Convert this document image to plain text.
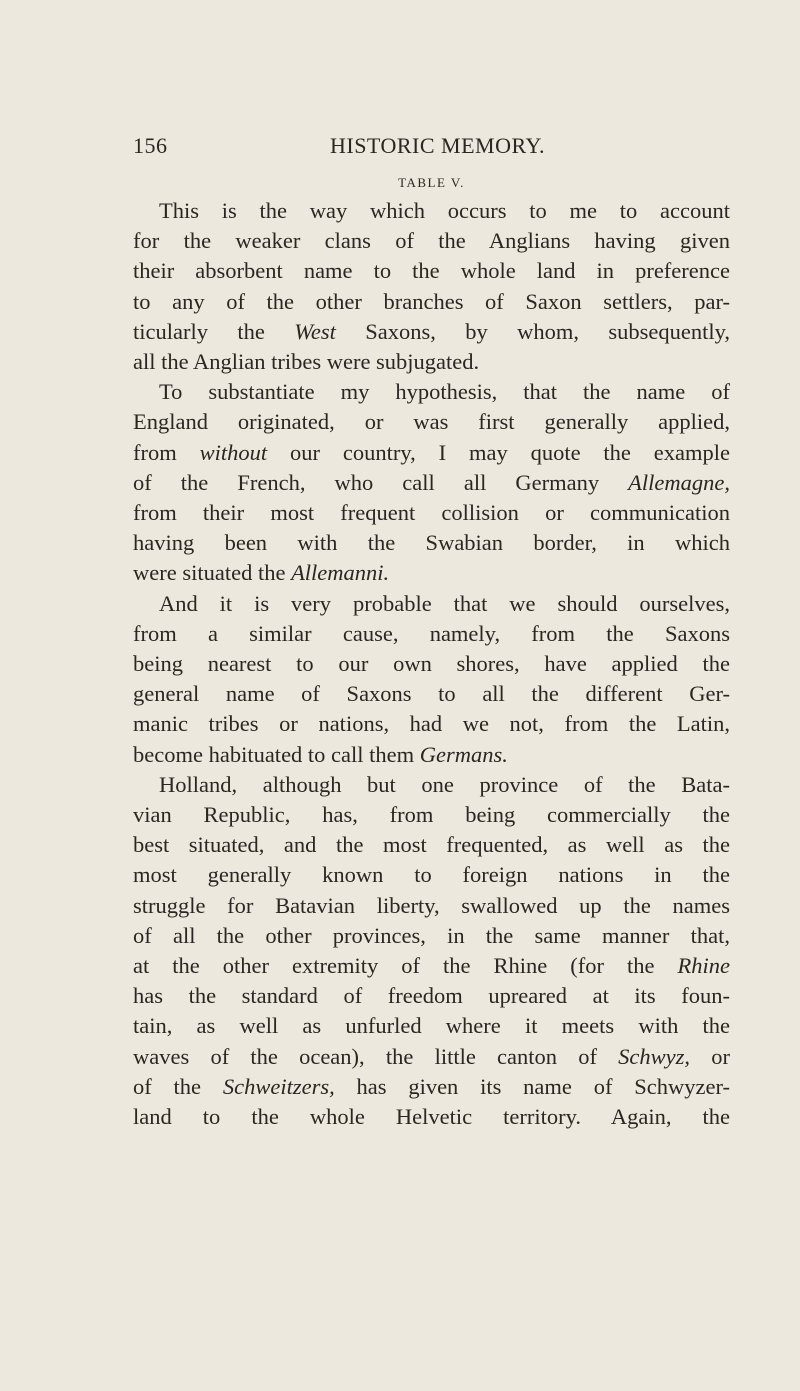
156	HISTORIC MEMORY.
TABLE V.
This is the way which occurs to me to account
for the weaker clans of the Anglians having given
their absorbent name to the whole land in preference
to any of the other branches of Saxon settlers, par-
ticularly the West Saxons, by whom, subsequently,
all the Anglian tribes were subjugated.
To substantiate my hypothesis, that the name of
England originated, or was first generally applied,
from without our country, I may quote the example
of the French, who call all Germany Allemagne,
from their most frequent collision or communication
having been with the Swabian border, in which
were situated the Allemanni.
And it is very probable that we should ourselves,
from a similar cause, namely, from the Saxons
being nearest to our own shores, have applied the
general name of Saxons to all the different Ger-
manic tribes or nations, had we not, from the Latin,
become habituated to call them Germans.
Holland, although but one province of the Bata-
vian Republic, has, from being commercially the
best situated, and the most frequented, as well as the
most generally known to foreign nations in the
struggle for Batavian liberty, swallowed up the names
of all the other provinces, in the same manner that,
at the other extremity of the Rhine (for the Rhine
has the standard of freedom upreared at its foun-
tain, as well as unfurled where it meets with the
waves of the ocean), the little canton of Schwyz, or
of the Schweitzers, has given its name of Schwyzer-
land to the whole Helvetic territory. Again, the
